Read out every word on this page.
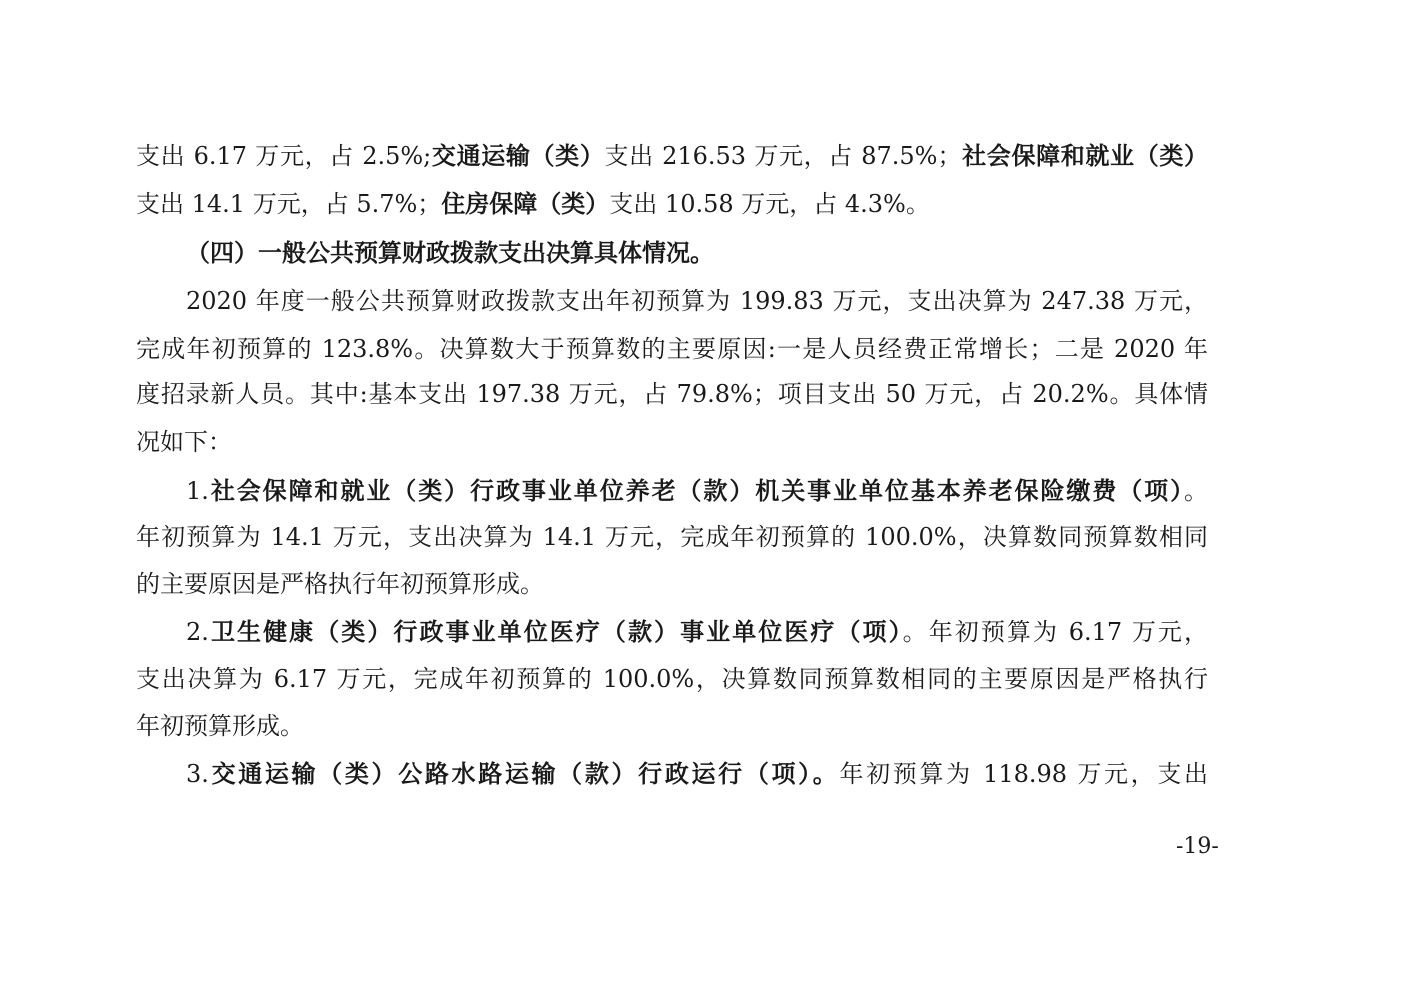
支出 6.17 万元，占 2.5%;交通运输（类）支出 216.53 万元，占 87.5%；社会保障和就业（类）
支出 14.1 万元，占 5.7%；住房保障（类）支出 10.58 万元，占 4.3%。
（四）一般公共预算财政拨款支出决算具体情况。
2020 年度一般公共预算财政拨款支出年初预算为 199.83 万元，支出决算为 247.38 万元，
完成年初预算的 123.8%。决算数大于预算数的主要原因:一是人员经费正常增长；二是 2020 年
度招录新人员。其中:基本支出 197.38 万元，占 79.8%；项目支出 50 万元，占 20.2%。具体情
况如下：
1.社会保障和就业（类）行政事业单位养老（款）机关事业单位基本养老保险缴费（项）。
年初预算为 14.1 万元，支出决算为 14.1 万元，完成年初预算的 100.0%，决算数同预算数相同
的主要原因是严格执行年初预算形成。
2.卫生健康（类）行政事业单位医疗（款）事业单位医疗（项）。年初预算为 6.17 万元，
支出决算为 6.17 万元，完成年初预算的 100.0%，决算数同预算数相同的主要原因是严格执行
年初预算形成。
3.交通运输（类）公路水路运输（款）行政运行（项）。年初预算为 118.98 万元，支出
-19-
